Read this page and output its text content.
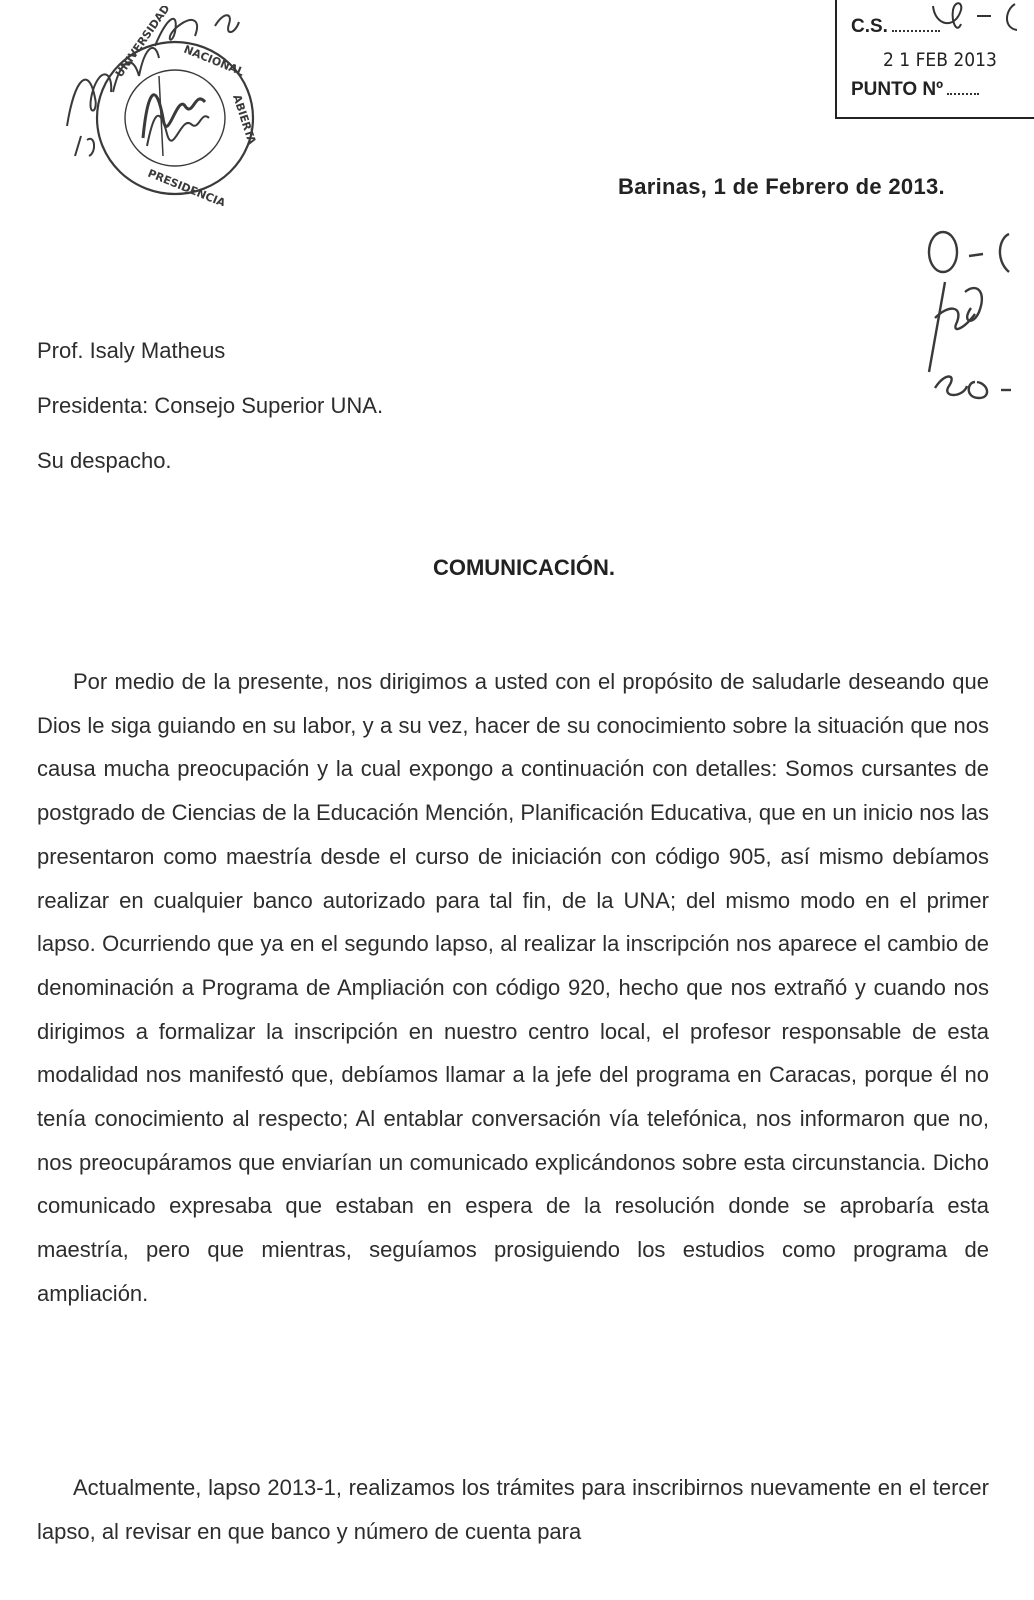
UNIVERSIDAD NACIONAL
ABIERTA
PRESIDENCIA
C.S.
2 1 FEB 2013
PUNTO Nº
Barinas, 1 de Febrero de 2013.
Prof. Isaly Matheus
Presidenta: Consejo Superior UNA.
Su despacho.
COMUNICACIÓN.

Por medio de la presente, nos dirigimos a usted con el propósito de saludarle deseando que Dios le siga guiando en su labor, y a su vez, hacer de su conocimiento sobre la situación que nos causa mucha preocupación y la cual expongo a continuación con detalles: Somos cursantes de postgrado de Ciencias de la Educación Mención, Planificación Educativa, que en un inicio nos las presentaron como maestría desde el curso de iniciación con código 905, así mismo debíamos realizar en cualquier banco autorizado para tal fin, de la UNA; del mismo modo en el primer lapso. Ocurriendo que ya en el segundo lapso, al realizar la inscripción nos aparece el cambio de denominación a Programa de Ampliación con código 920, hecho que nos extrañó y cuando nos dirigimos a formalizar la inscripción en nuestro centro local, el profesor responsable de esta modalidad nos manifestó que, debíamos llamar a la jefe del programa en Caracas, porque él no tenía conocimiento al respecto; Al entablar conversación vía telefónica, nos informaron que no, nos preocupáramos que enviarían un comunicado explicándonos sobre esta circunstancia. Dicho comunicado expresaba que estaban en espera de la resolución donde se aprobaría esta maestría, pero que mientras, seguíamos prosiguiendo los estudios como programa de ampliación.

Actualmente, lapso 2013-1, realizamos los trámites para inscribirnos nuevamente en el tercer lapso, al revisar en que banco y número de cuenta para
